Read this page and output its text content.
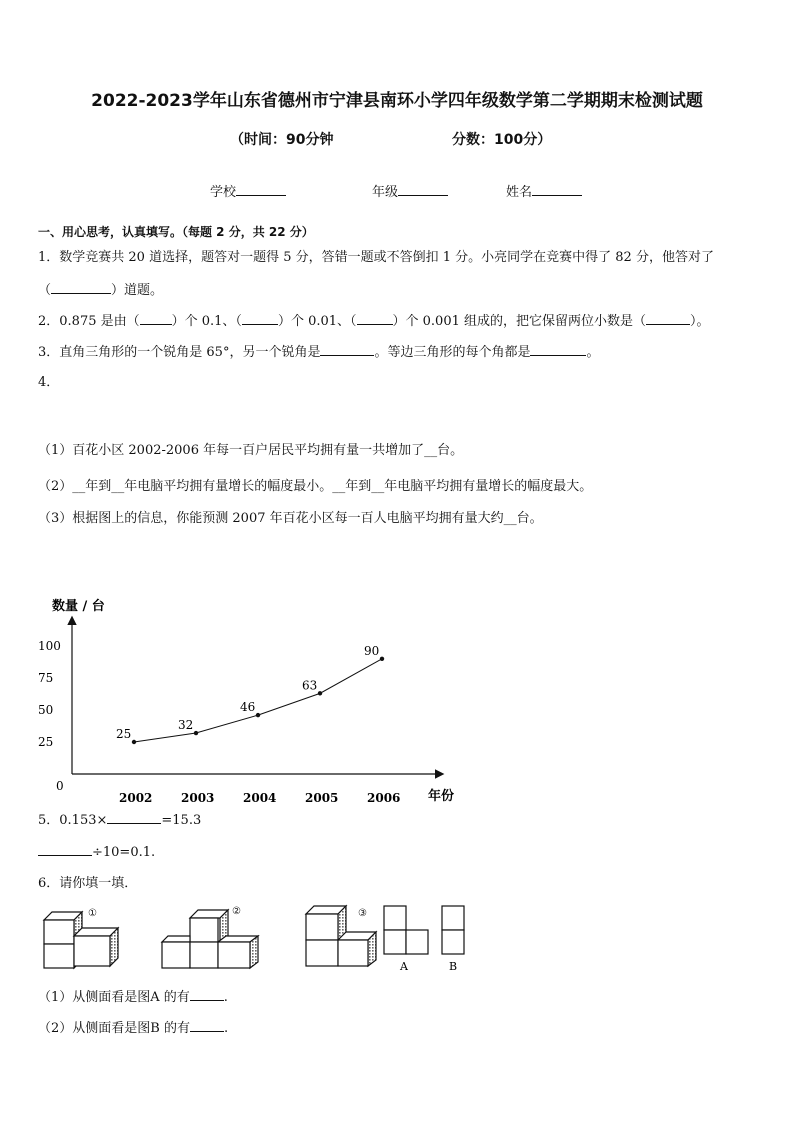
2022-2023学年山东省德州市宁津县南环小学四年级数学第二学期期末检测试题
（时间：90分钟	分数：100分）
学校	年级	姓名
一、用心思考，认真填写。（每题 2 分，共 22 分）
1．数学竞赛共 20 道选择，题答对一题得 5 分，答错一题或不答倒扣 1 分。小亮同学在竞赛中得了 82 分，他答对了
（	）道题。
2．0.875 是由（ ）个 0.1、（	）个 0.01、（	）个 0.001 组成的，把它保留两位小数是（	）。
3．直角三角形的一个锐角是 65°，另一个锐角是	。等边三角形的每个角都是	。
4．
（1）百花小区 2002-2006 年每一百户居民平均拥有量一共增加了__台。
（2）__年到__年电脑平均拥有量增长的幅度最小。__年到__年电脑平均拥有量增长的幅度最大。
（3）根据图上的信息，你能预测 2007 年百花小区每一百人电脑平均拥有量大约__台。
数量 / 台
0
年份
25
50
75
100
2002 2003 2004 2005 2006
25
32
46
63
90
5．0.153×	=15.3
÷10=0.1.
6．请你填一填．
①	②	③
A	B
（1）从侧面看是图A 的有	.
（2）从侧面看是图B 的有	.
